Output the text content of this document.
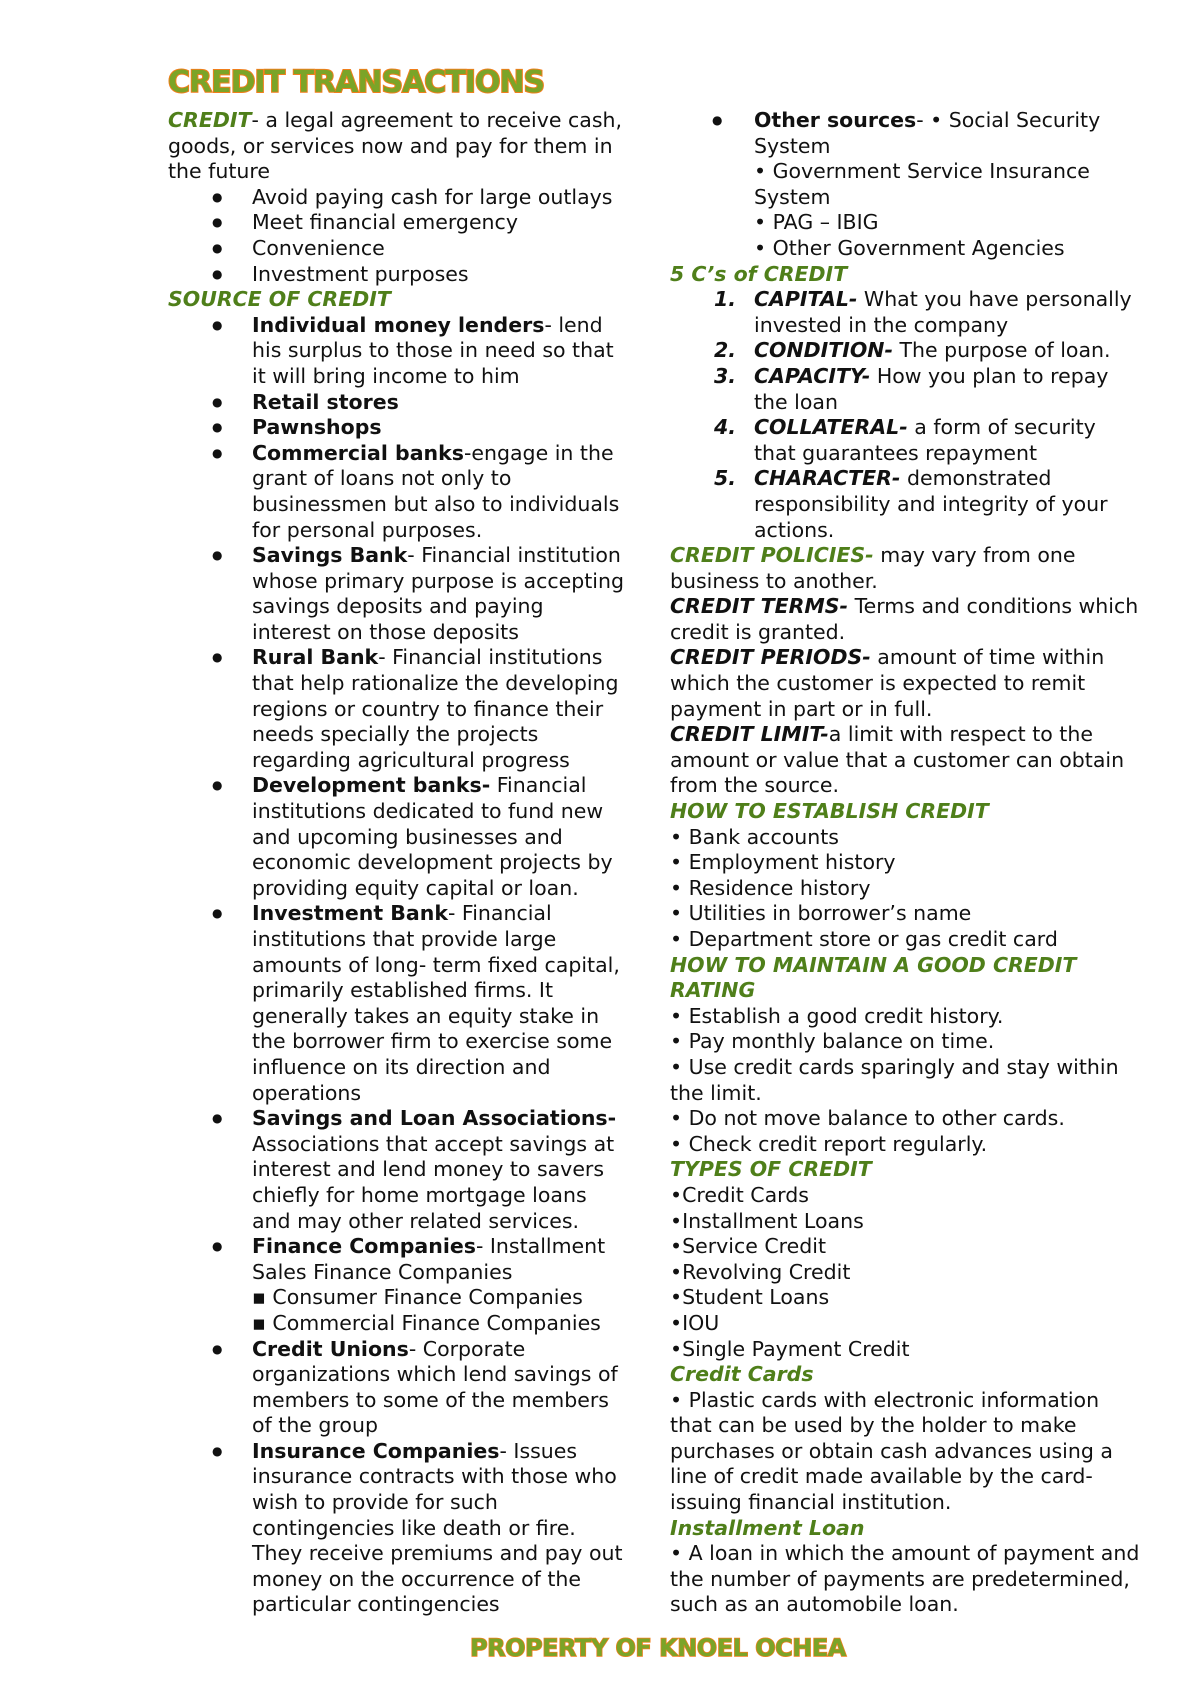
CREDIT TRANSACTIONS

CREDIT- a legal agreement to receive cash, goods, or services now and pay for them in the future

● Avoid paying cash for large outlays
● Meet financial emergency
● Convenience
● Investment purposes

SOURCE OF CREDIT

● Individual money lenders- lend his surplus to those in need so that it will bring income to him
● Retail stores
● Pawnshops
● Commercial banks-engage in the grant of loans not only to businessmen but also to individuals for personal purposes.
● Savings Bank- Financial institution whose primary purpose is accepting savings deposits and paying interest on those deposits
● Rural Bank- Financial institutions that help rationalize the developing regions or country to finance their needs specially the projects regarding agricultural progress
● Development banks- Financial institutions dedicated to fund new and upcoming businesses and economic development projects by providing equity capital or loan.
● Investment Bank- Financial institutions that provide large amounts of long- term fixed capital, primarily established firms. It generally takes an equity stake in the borrower firm to exercise some influence on its direction and operations
● Savings and Loan Associations- Associations that accept savings at interest and lend money to savers chiefly for home mortgage loans and may other related services.
● Finance Companies- Installment Sales Finance Companies
▪ Consumer Finance Companies
▪ Commercial Finance Companies
● Credit Unions- Corporate organizations which lend savings of members to some of the members of the group
● Insurance Companies- Issues insurance contracts with those who wish to provide for such contingencies like death or fire. They receive premiums and pay out money on the occurrence of the particular contingencies
● Other sources- • Social Security System
• Government Service Insurance System
• PAG – IBIG
• Other Government Agencies

5 C’s of CREDIT

1. CAPITAL- What you have personally invested in the company
2. CONDITION- The purpose of loan.
3. CAPACITY- How you plan to repay the loan
4. COLLATERAL- a form of security that guarantees repayment
5. CHARACTER- demonstrated responsibility and integrity of your actions.

CREDIT POLICIES- may vary from one business to another.

CREDIT TERMS- Terms and conditions which credit is granted.

CREDIT PERIODS- amount of time within which the customer is expected to remit payment in part or in full.

CREDIT LIMIT-a limit with respect to the amount or value that a customer can obtain from the source.

HOW TO ESTABLISH CREDIT

• Bank accounts

• Employment history

• Residence history

• Utilities in borrower’s name

• Department store or gas credit card

HOW TO MAINTAIN A GOOD CREDIT RATING

• Establish a good credit history.

• Pay monthly balance on time.

• Use credit cards sparingly and stay within the limit.

• Do not move balance to other cards.

• Check credit report regularly.

TYPES OF CREDIT

•Credit Cards

•Installment Loans

•Service Credit

•Revolving Credit

•Student Loans

•IOU

•Single Payment Credit

Credit Cards

• Plastic cards with electronic information that can be used by the holder to make purchases or obtain cash advances using a line of credit made available by the card-issuing financial institution.

Installment Loan

• A loan in which the amount of payment and the number of payments are predetermined, such as an automobile loan.

PROPERTY OF KNOEL OCHEA
